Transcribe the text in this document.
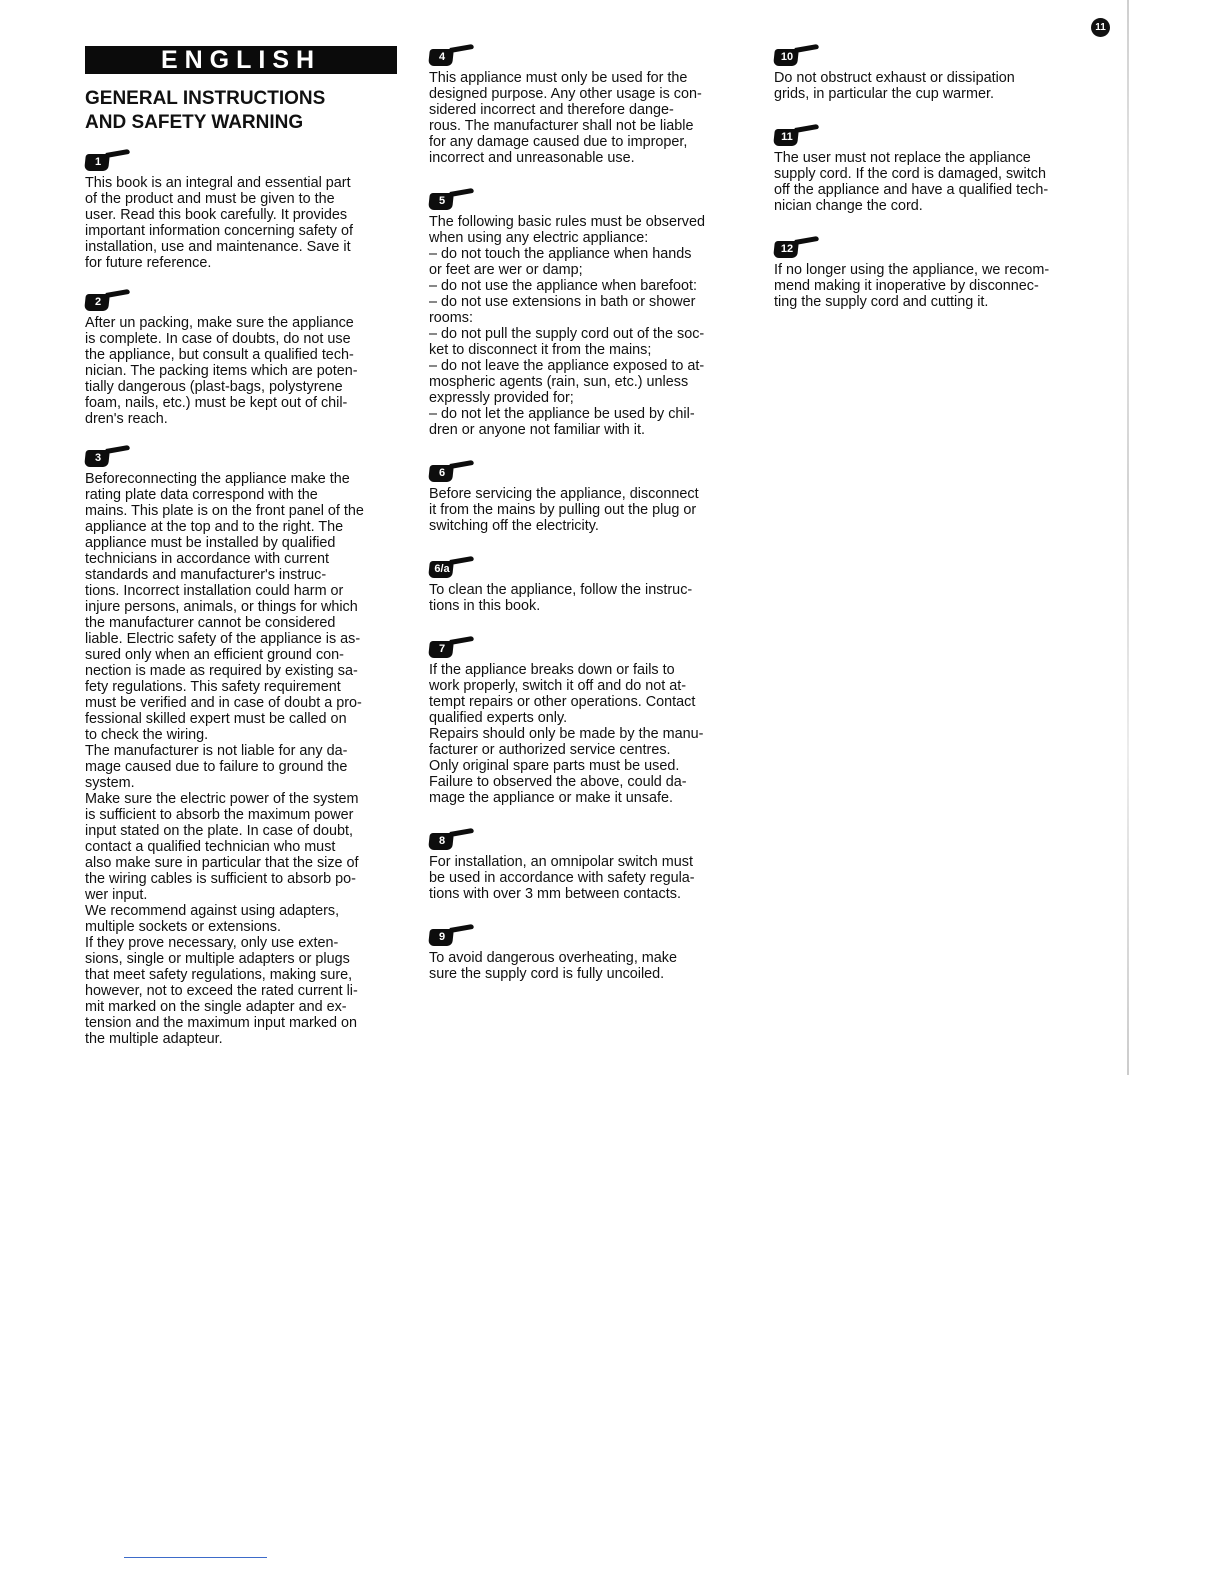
11
ENGLISH
GENERAL INSTRUCTIONS
AND SAFETY WARNING
1

This book is an integral and essential part
of the product and must be given to the
user. Read this book carefully. It provides
important information concerning safety of
installation, use and maintenance. Save it
for future reference.

2

After un packing, make sure the appliance
is complete. In case of doubts, do not use
the appliance, but consult a qualified tech-
nician. The packing items which are poten-
tially dangerous (plast-bags, polystyrene
foam, nails, etc.) must be kept out of chil-
dren's reach.

3

Beforeconnecting the appliance make the
rating plate data correspond with the
mains. This plate is on the front panel of the
appliance at the top and to the right. The
appliance must be installed by qualified
technicians in accordance with current
standards and manufacturer's instruc-
tions. Incorrect installation could harm or
injure persons, animals, or things for which
the manufacturer cannot be considered
liable. Electric safety of the appliance is as-
sured only when an efficient ground con-
nection is made as required by existing sa-
fety regulations. This safety requirement
must be verified and in case of doubt a pro-
fessional skilled expert must be called on
to check the wiring.
The manufacturer is not liable for any da-
mage caused due to failure to ground the
system.
Make sure the electric power of the system
is sufficient to absorb the maximum power
input stated on the plate. In case of doubt,
contact a qualified technician who must
also make sure in particular that the size of
the wiring cables is sufficient to absorb po-
wer input.
We recommend against using adapters,
multiple sockets or extensions.
If they prove necessary, only use exten-
sions, single or multiple adapters or plugs
that meet safety regulations, making sure,
however, not to exceed the rated current li-
mit marked on the single adapter and ex-
tension and the maximum input marked on
the multiple adapteur.

4

This appliance must only be used for the
designed purpose. Any other usage is con-
sidered incorrect and therefore dange-
rous. The manufacturer shall not be liable
for any damage caused due to improper,
incorrect and unreasonable use.

5

The following basic rules must be observed
when using any electric appliance:
– do not touch the appliance when hands
or feet are wer or damp;
– do not use the appliance when barefoot:
– do not use extensions in bath or shower
rooms:
– do not pull the supply cord out of the soc-
ket to disconnect it from the mains;
– do not leave the appliance exposed to at-
mospheric agents (rain, sun, etc.) unless
expressly provided for;
– do not let the appliance be used by chil-
dren or anyone not familiar with it.

6

Before servicing the appliance, disconnect
it from the mains by pulling out the plug or
switching off the electricity.

6/a

To clean the appliance, follow the instruc-
tions in this book.

7

If the appliance breaks down or fails to
work properly, switch it off and do not at-
tempt repairs or other operations. Contact
qualified experts only.
Repairs should only be made by the manu-
facturer or authorized service centres.
Only original spare parts must be used.
Failure to observed the above, could da-
mage the appliance or make it unsafe.

8

For installation, an omnipolar switch must
be used in accordance with safety regula-
tions with over 3 mm between contacts.

9

To avoid dangerous overheating, make
sure the supply cord is fully uncoiled.

10

Do not obstruct exhaust or dissipation
grids, in particular the cup warmer.

11

The user must not replace the appliance
supply cord. If the cord is damaged, switch
off the appliance and have a qualified tech-
nician change the cord.

12

If no longer using the appliance, we recom-
mend making it inoperative by disconnec-
ting the supply cord and cutting it.
